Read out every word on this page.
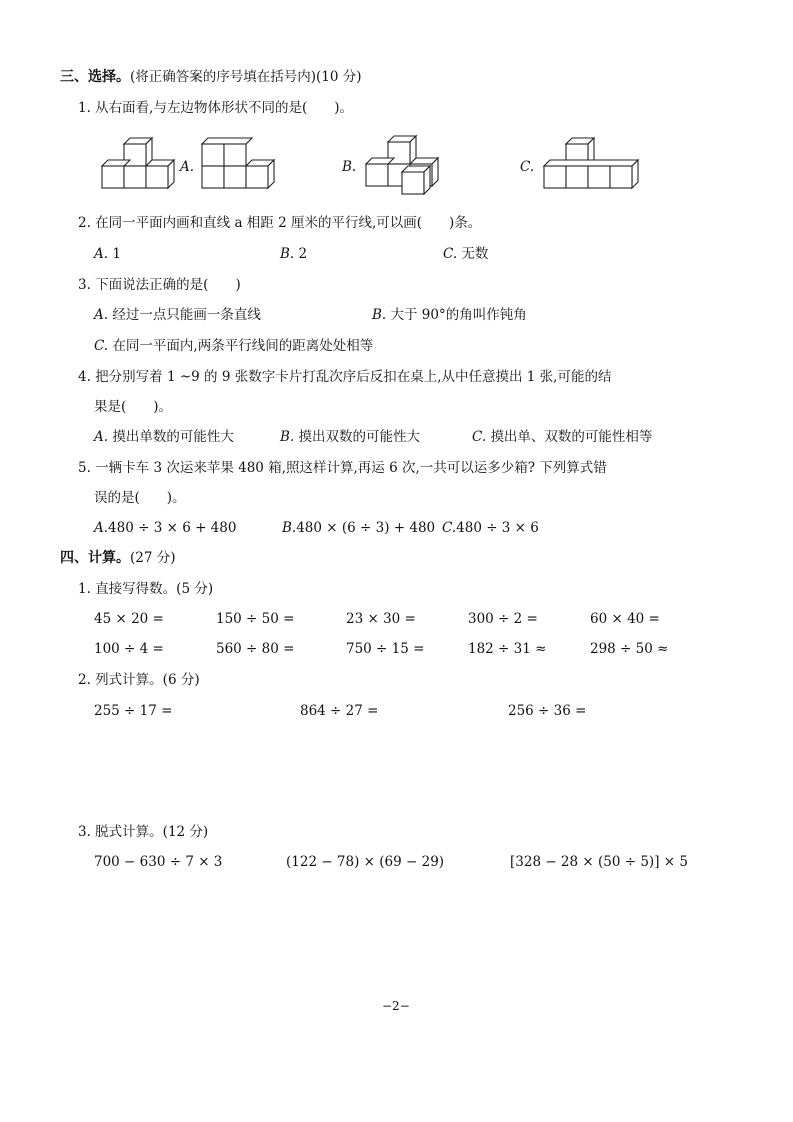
三、选择。(将正确答案的序号填在括号内)(10 分)
1. 从右面看,与左边物体形状不同的是(　　)。
A.	B.	C.
2. 在同一平面内画和直线 a 相距 2 厘米的平行线,可以画(　　)条。
A. 1	B. 2	C. 无数
3. 下面说法正确的是(　　)
A. 经过一点只能画一条直线	B. 大于 90°的角叫作钝角
C. 在同一平面内,两条平行线间的距离处处相等
4. 把分别写着 1 ~9 的 9 张数字卡片打乱次序后反扣在桌上,从中任意摸出 1 张,可能的结
果是(　　)。
A. 摸出单数的可能性大	B. 摸出双数的可能性大	C. 摸出单、双数的可能性相等
5. 一辆卡车 3 次运来苹果 480 箱,照这样计算,再运 6 次,一共可以运多少箱? 下列算式错
误的是(　　)。
A.480 ÷ 3 × 6 + 480	B.480 × (6 ÷ 3) + 480 C.480 ÷ 3 × 6
四、计算。(27 分)
1. 直接写得数。(5 分)
45 × 20 =	150 ÷ 50 =	23 × 30 =	300 ÷ 2 =	60 × 40 =
100 ÷ 4 =	560 ÷ 80 =	750 ÷ 15 =	182 ÷ 31 ≈	298 ÷ 50 ≈
2. 列式计算。(6 分)
255 ÷ 17 =	864 ÷ 27 =	256 ÷ 36 =
3. 脱式计算。(12 分)
700 − 630 ÷ 7 × 3	(122 − 78) × (69 − 29)	[328 − 28 × (50 ÷ 5)] × 5
−2−
